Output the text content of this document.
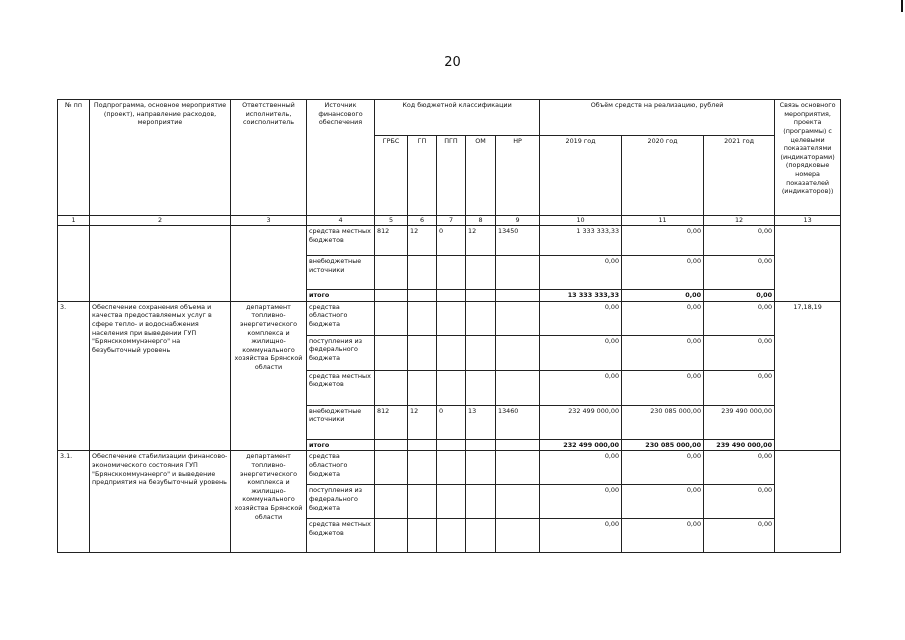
20
№ пп	Подпрограмма, основное мероприятие (проект), направление расходов, мероприятие	Ответственный исполнитель, соисполнитель	Источник финансового обеспечения	Код бюджетной классификации					Объём средств на реализацию, рублей			Связь основного мероприятия, проекта (программы) с целевыми показателями (индикаторами) (порядковые номера показателей (индикаторов))
				ГРБС	ГП	ПГП	ОМ	НР	2019 год	2020 год	2021 год	
1	2	3	4	5	6	7	8	9	10	11	12	13
			средства местных бюджетов	812	12	0	12	13450	1 333 333,33	0,00	0,00	
			внебюджетные источники						0,00	0,00	0,00	
			итого						13 333 333,33	0,00	0,00	
3.	Обеспечение сохранения объема и качества предоставляемых услуг в сфере тепло- и водоснабжения населения при выведении ГУП "Брянсккоммунэнерго" на безубыточный уровень	департамент топливно-энергетического комплекса и жилищно-коммунального хозяйства Брянской области	средства областного бюджета						0,00	0,00	0,00	17,18,19
			поступления из федерального бюджета						0,00	0,00	0,00	
			средства местных бюджетов						0,00	0,00	0,00	
			внебюджетные источники	812	12	0	13	13460	232 499 000,00	230 085 000,00	239 490 000,00	
			итого						232 499 000,00	230 085 000,00	239 490 000,00	
3.1.	Обеспечение стабилизации финансово-экономического состояния ГУП "Брянсккоммунэнерго" и выведение предприятия на безубыточный уровень	департамент топливно-энергетического комплекса и жилищно-коммунального хозяйства Брянской области	средства областного бюджета						0,00	0,00	0,00	
			поступления из федерального бюджета						0,00	0,00	0,00	
			средства местных бюджетов						0,00	0,00	0,00	
